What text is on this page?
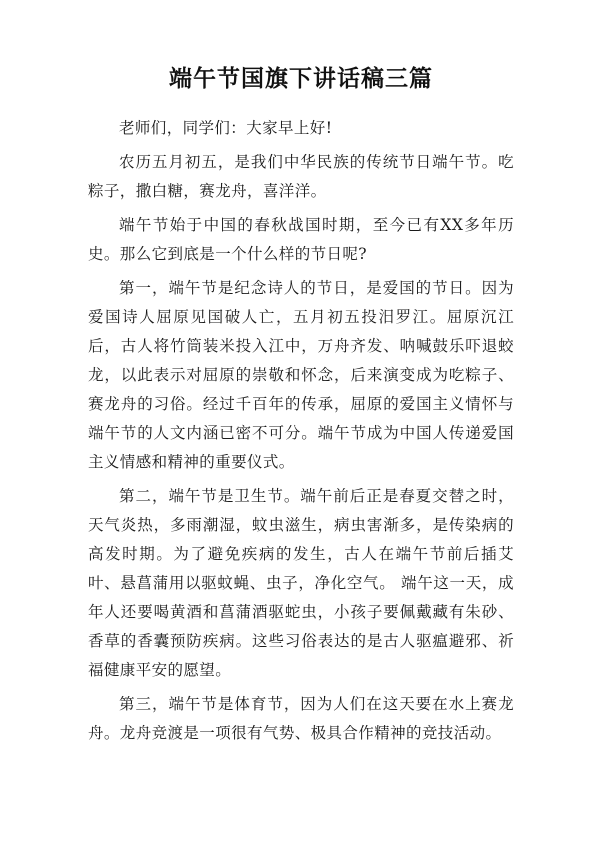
端午节国旗下讲话稿三篇

老师们，同学们：大家早上好!

农历五月初五，是我们中华民族的传统节日端午节。吃粽子，撒白糖，赛龙舟，喜洋洋。

端午节始于中国的春秋战国时期，至今已有XX多年历史。那么它到底是一个什么样的节日呢?

第一，端午节是纪念诗人的节日，是爱国的节日。因为爱国诗人屈原见国破人亡，五月初五投汨罗江。屈原沉江后，古人将竹筒装米投入江中，万舟齐发、呐喊鼓乐吓退蛟龙，以此表示对屈原的崇敬和怀念，后来演变成为吃粽子、赛龙舟的习俗。经过千百年的传承，屈原的爱国主义情怀与端午节的人文内涵已密不可分。端午节成为中国人传递爱国主义情感和精神的重要仪式。

第二，端午节是卫生节。端午前后正是春夏交替之时，天气炎热，多雨潮湿，蚊虫滋生，病虫害渐多，是传染病的高发时期。为了避免疾病的发生，古人在端午节前后插艾叶、悬菖蒲用以驱蚊蝇、虫子，净化空气。 端午这一天，成年人还要喝黄酒和菖蒲酒驱蛇虫，小孩子要佩戴藏有朱砂、香草的香囊预防疾病。这些习俗表达的是古人驱瘟避邪、祈福健康平安的愿望。

第三，端午节是体育节，因为人们在这天要在水上赛龙舟。龙舟竞渡是一项很有气势、极具合作精神的竞技活动。
